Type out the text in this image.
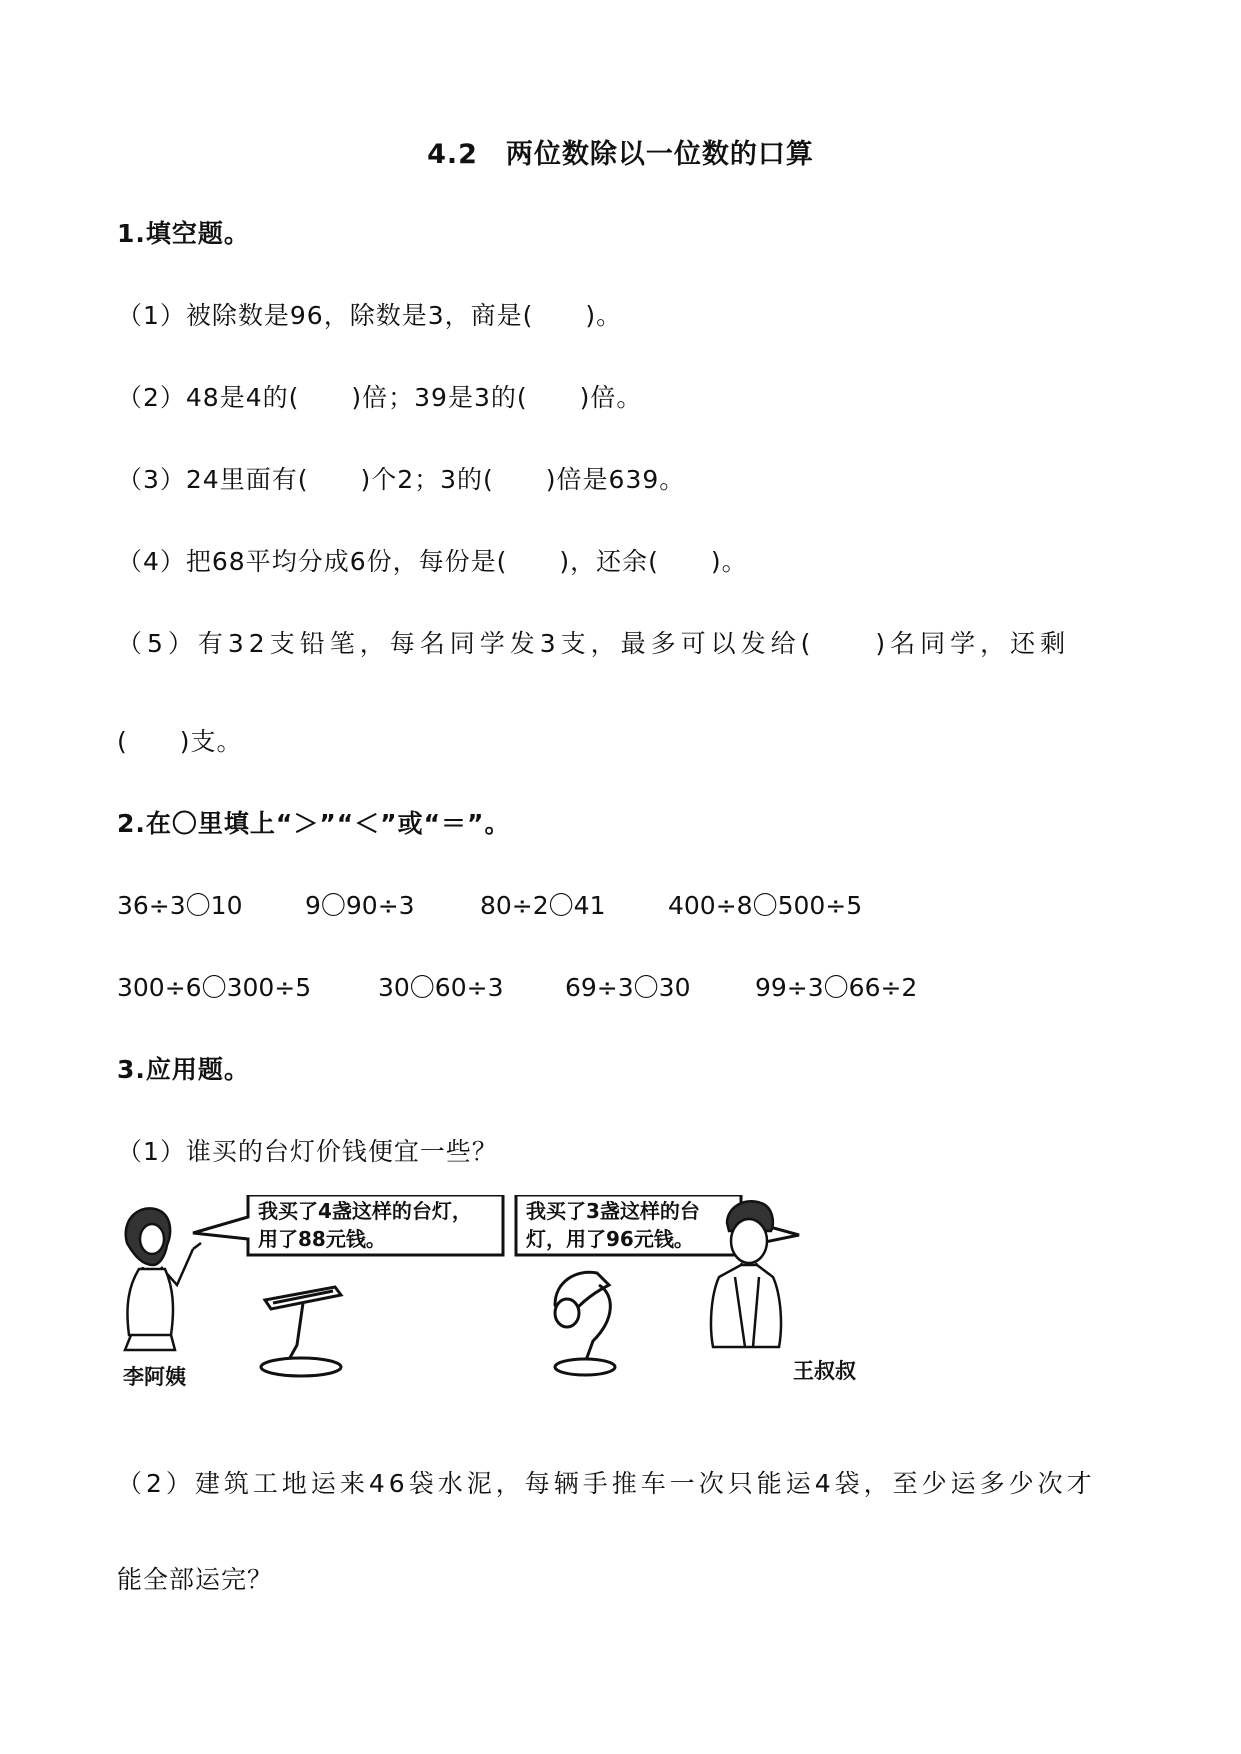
4.2　两位数除以一位数的口算
1.填空题。
（1）被除数是96，除数是3，商是(　　)。
（2）48是4的(　　)倍；39是3的(　　)倍。
（3）24里面有(　　)个2；3的(　　)倍是639。
（4）把68平均分成6份，每份是(　　)，还余(　　)。
（5）有32支铅笔，每名同学发3支，最多可以发给(　　)名同学，还剩
(　　)支。
2.在〇里填上“＞”“＜”或“＝”。
36÷3〇10	9〇90÷3	80÷2〇41	400÷8〇500÷5
300÷6〇300÷5	30〇60÷3 69÷3〇30	99÷3〇66÷2
3.应用题。
（1）谁买的台灯价钱便宜一些？
我买了4盏这样的台灯，
用了88元钱。
我买了3盏这样的台
灯，用了96元钱。
李阿姨	王叔叔
（2）建筑工地运来46袋水泥，每辆手推车一次只能运4袋，至少运多少次才
能全部运完？
